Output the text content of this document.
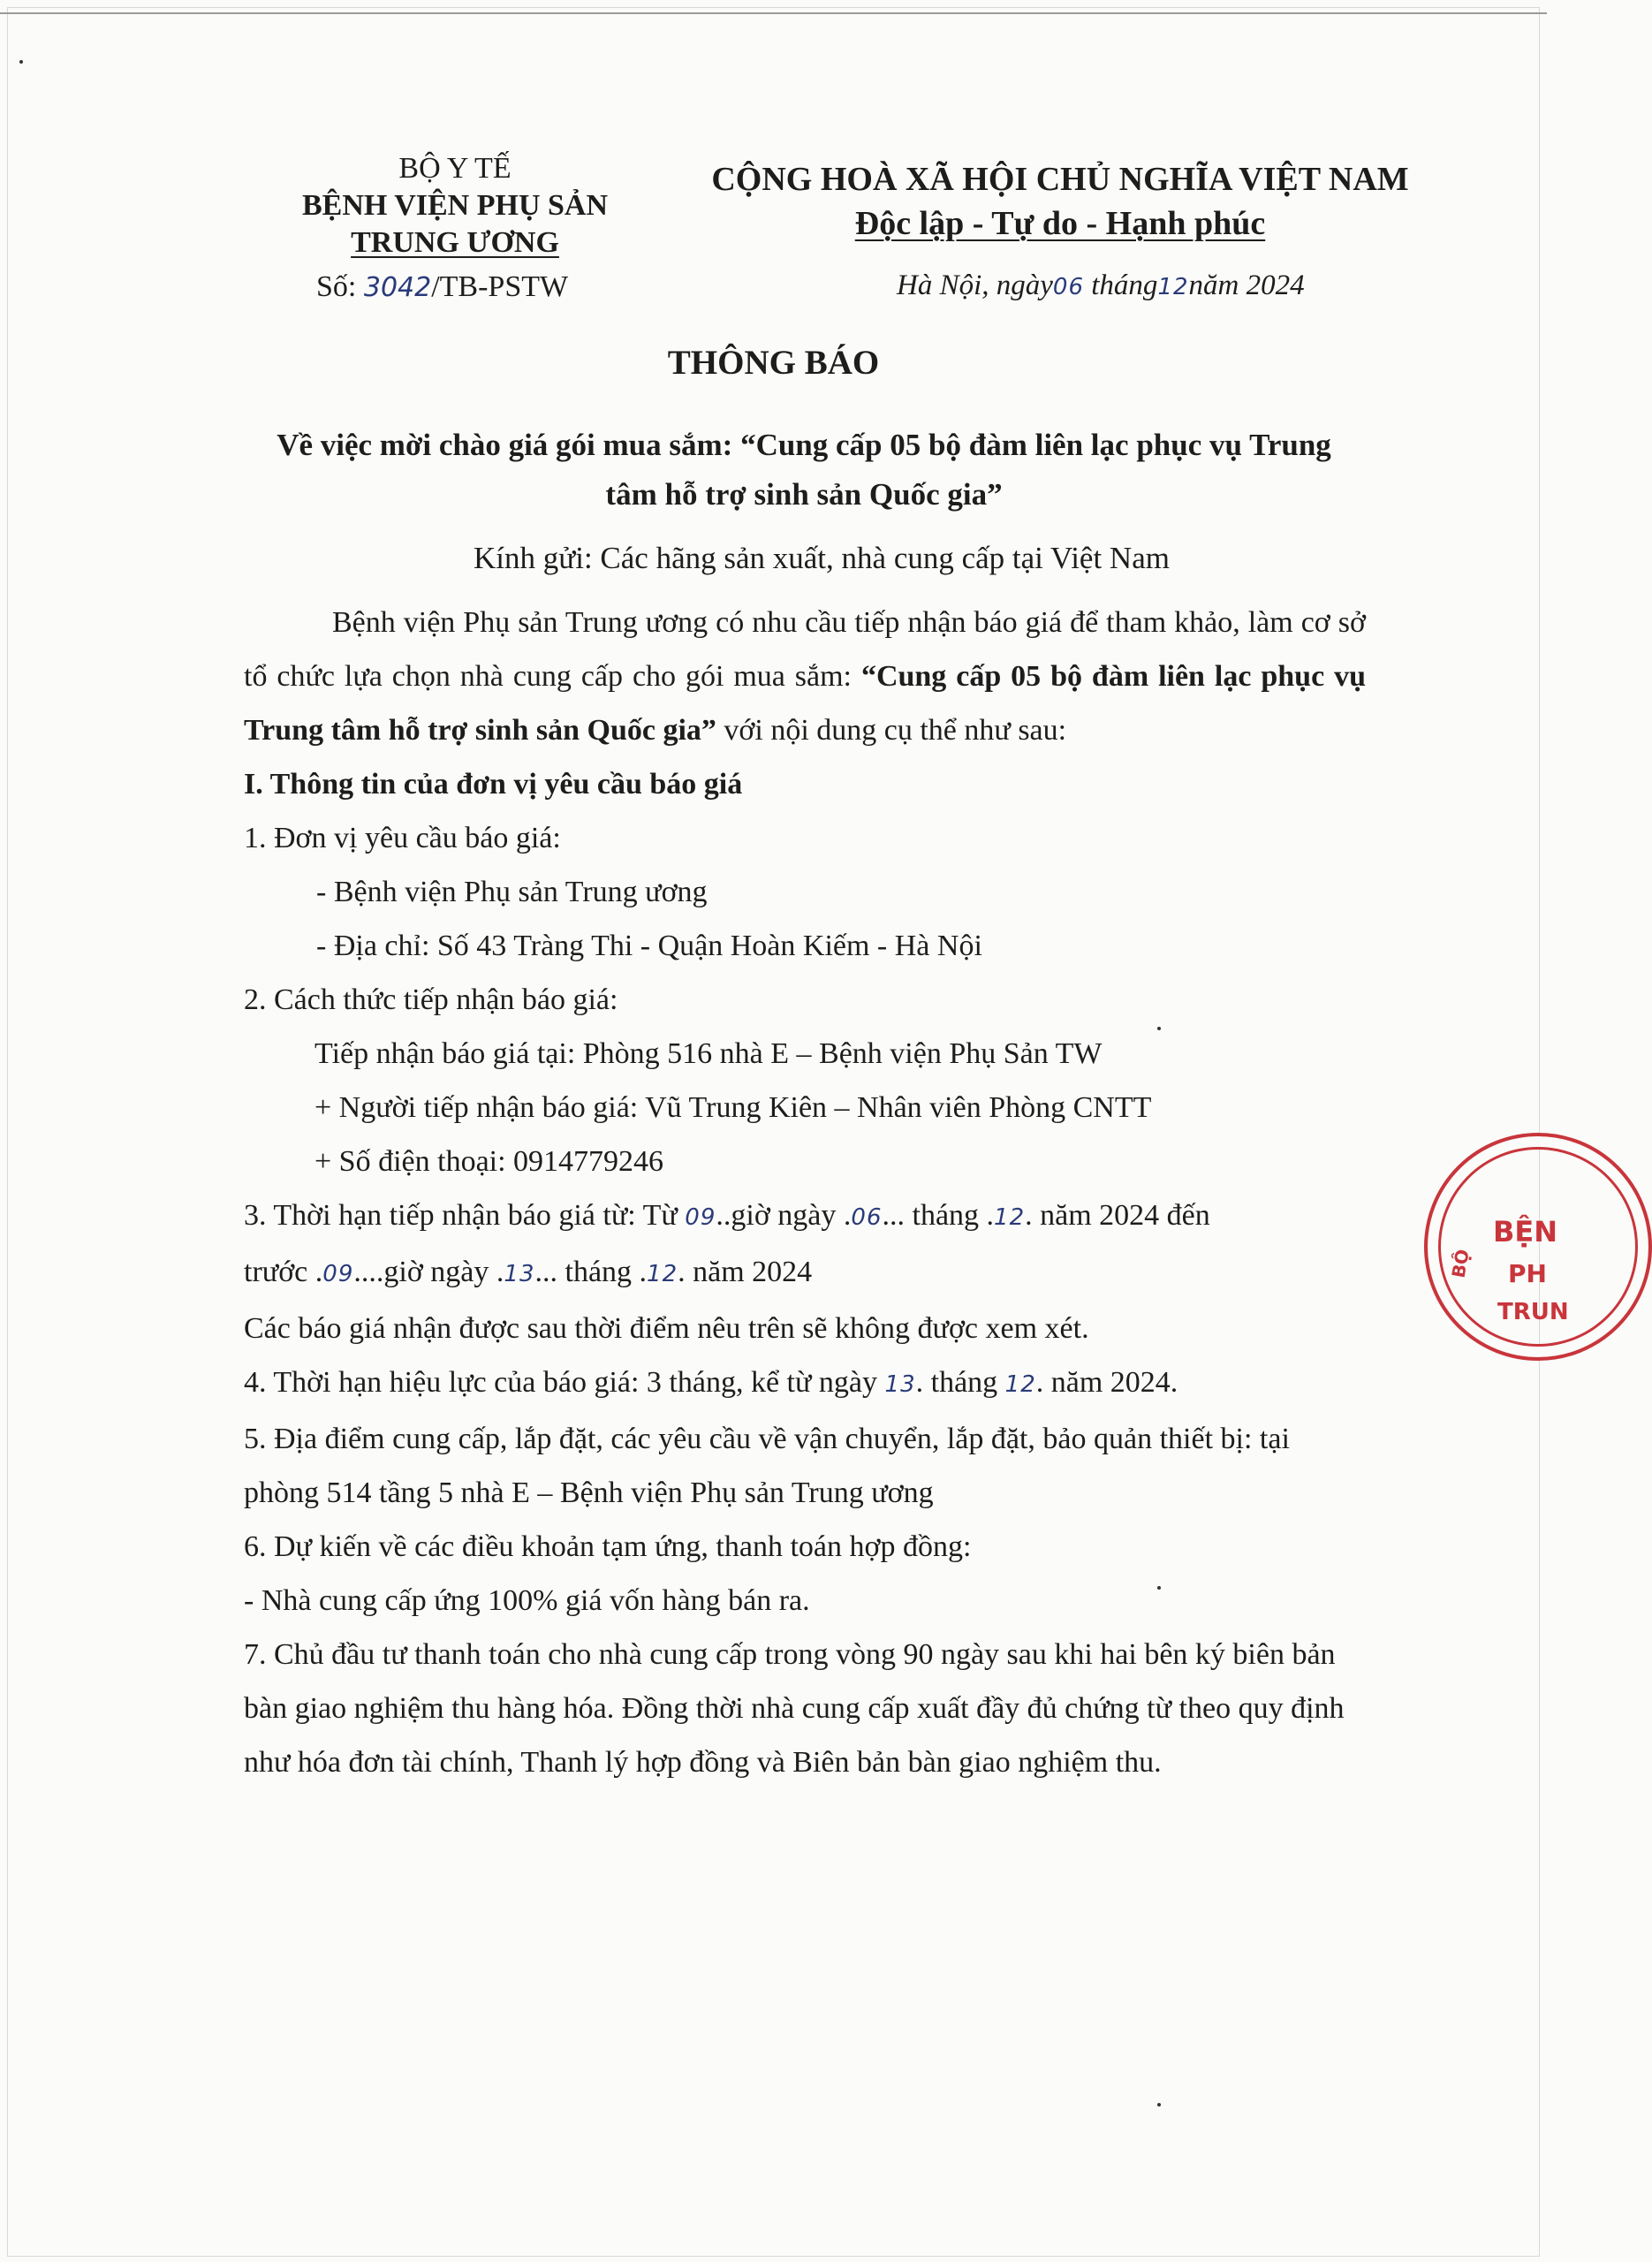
BỘ Y TẾ
BỆNH VIỆN PHỤ SẢN
TRUNG ƯƠNG
Số: 3042/TB-PSTW
CỘNG HOÀ XÃ HỘI CHỦ NGHĨA VIỆT NAM
Độc lập - Tự do - Hạnh phúc
Hà Nội, ngày06 tháng12năm 2024
THÔNG BÁO
Về việc mời chào giá gói mua sắm: “Cung cấp 05 bộ đàm liên lạc phục vụ Trung
tâm hỗ trợ sinh sản Quốc gia”
Kính gửi: Các hãng sản xuất, nhà cung cấp tại Việt Nam

Bệnh viện Phụ sản Trung ương có nhu cầu tiếp nhận báo giá để tham khảo, làm cơ sở tổ chức lựa chọn nhà cung cấp cho gói mua sắm: “Cung cấp 05 bộ đàm liên lạc phục vụ Trung tâm hỗ trợ sinh sản Quốc gia” với nội dung cụ thể như sau:

I. Thông tin của đơn vị yêu cầu báo giá

1. Đơn vị yêu cầu báo giá:

- Bệnh viện Phụ sản Trung ương

- Địa chỉ: Số 43 Tràng Thi - Quận Hoàn Kiếm - Hà Nội

2. Cách thức tiếp nhận báo giá:

Tiếp nhận báo giá tại: Phòng 516 nhà E – Bệnh viện Phụ Sản TW

+ Người tiếp nhận báo giá: Vũ Trung Kiên – Nhân viên Phòng CNTT

+ Số điện thoại: 0914779246

3. Thời hạn tiếp nhận báo giá từ: Từ 09..giờ ngày .06... tháng .12. năm 2024 đến

trước .09....giờ ngày .13... tháng .12. năm 2024

Các báo giá nhận được sau thời điểm nêu trên sẽ không được xem xét.

4. Thời hạn hiệu lực của báo giá: 3 tháng, kể từ ngày 13. tháng 12. năm 2024.

5. Địa điểm cung cấp, lắp đặt, các yêu cầu về vận chuyển, lắp đặt, bảo quản thiết bị: tại phòng 514 tầng 5 nhà E – Bệnh viện Phụ sản Trung ương

6. Dự kiến về các điều khoản tạm ứng, thanh toán hợp đồng:

- Nhà cung cấp ứng 100% giá vốn hàng bán ra.

7. Chủ đầu tư thanh toán cho nhà cung cấp trong vòng 90 ngày sau khi hai bên ký biên bản bàn giao nghiệm thu hàng hóa. Đồng thời nhà cung cấp xuất đầy đủ chứng từ theo quy định như hóa đơn tài chính, Thanh lý hợp đồng và Biên bản bàn giao nghiệm thu.

BỆN
PH
TRUN
BỘ
